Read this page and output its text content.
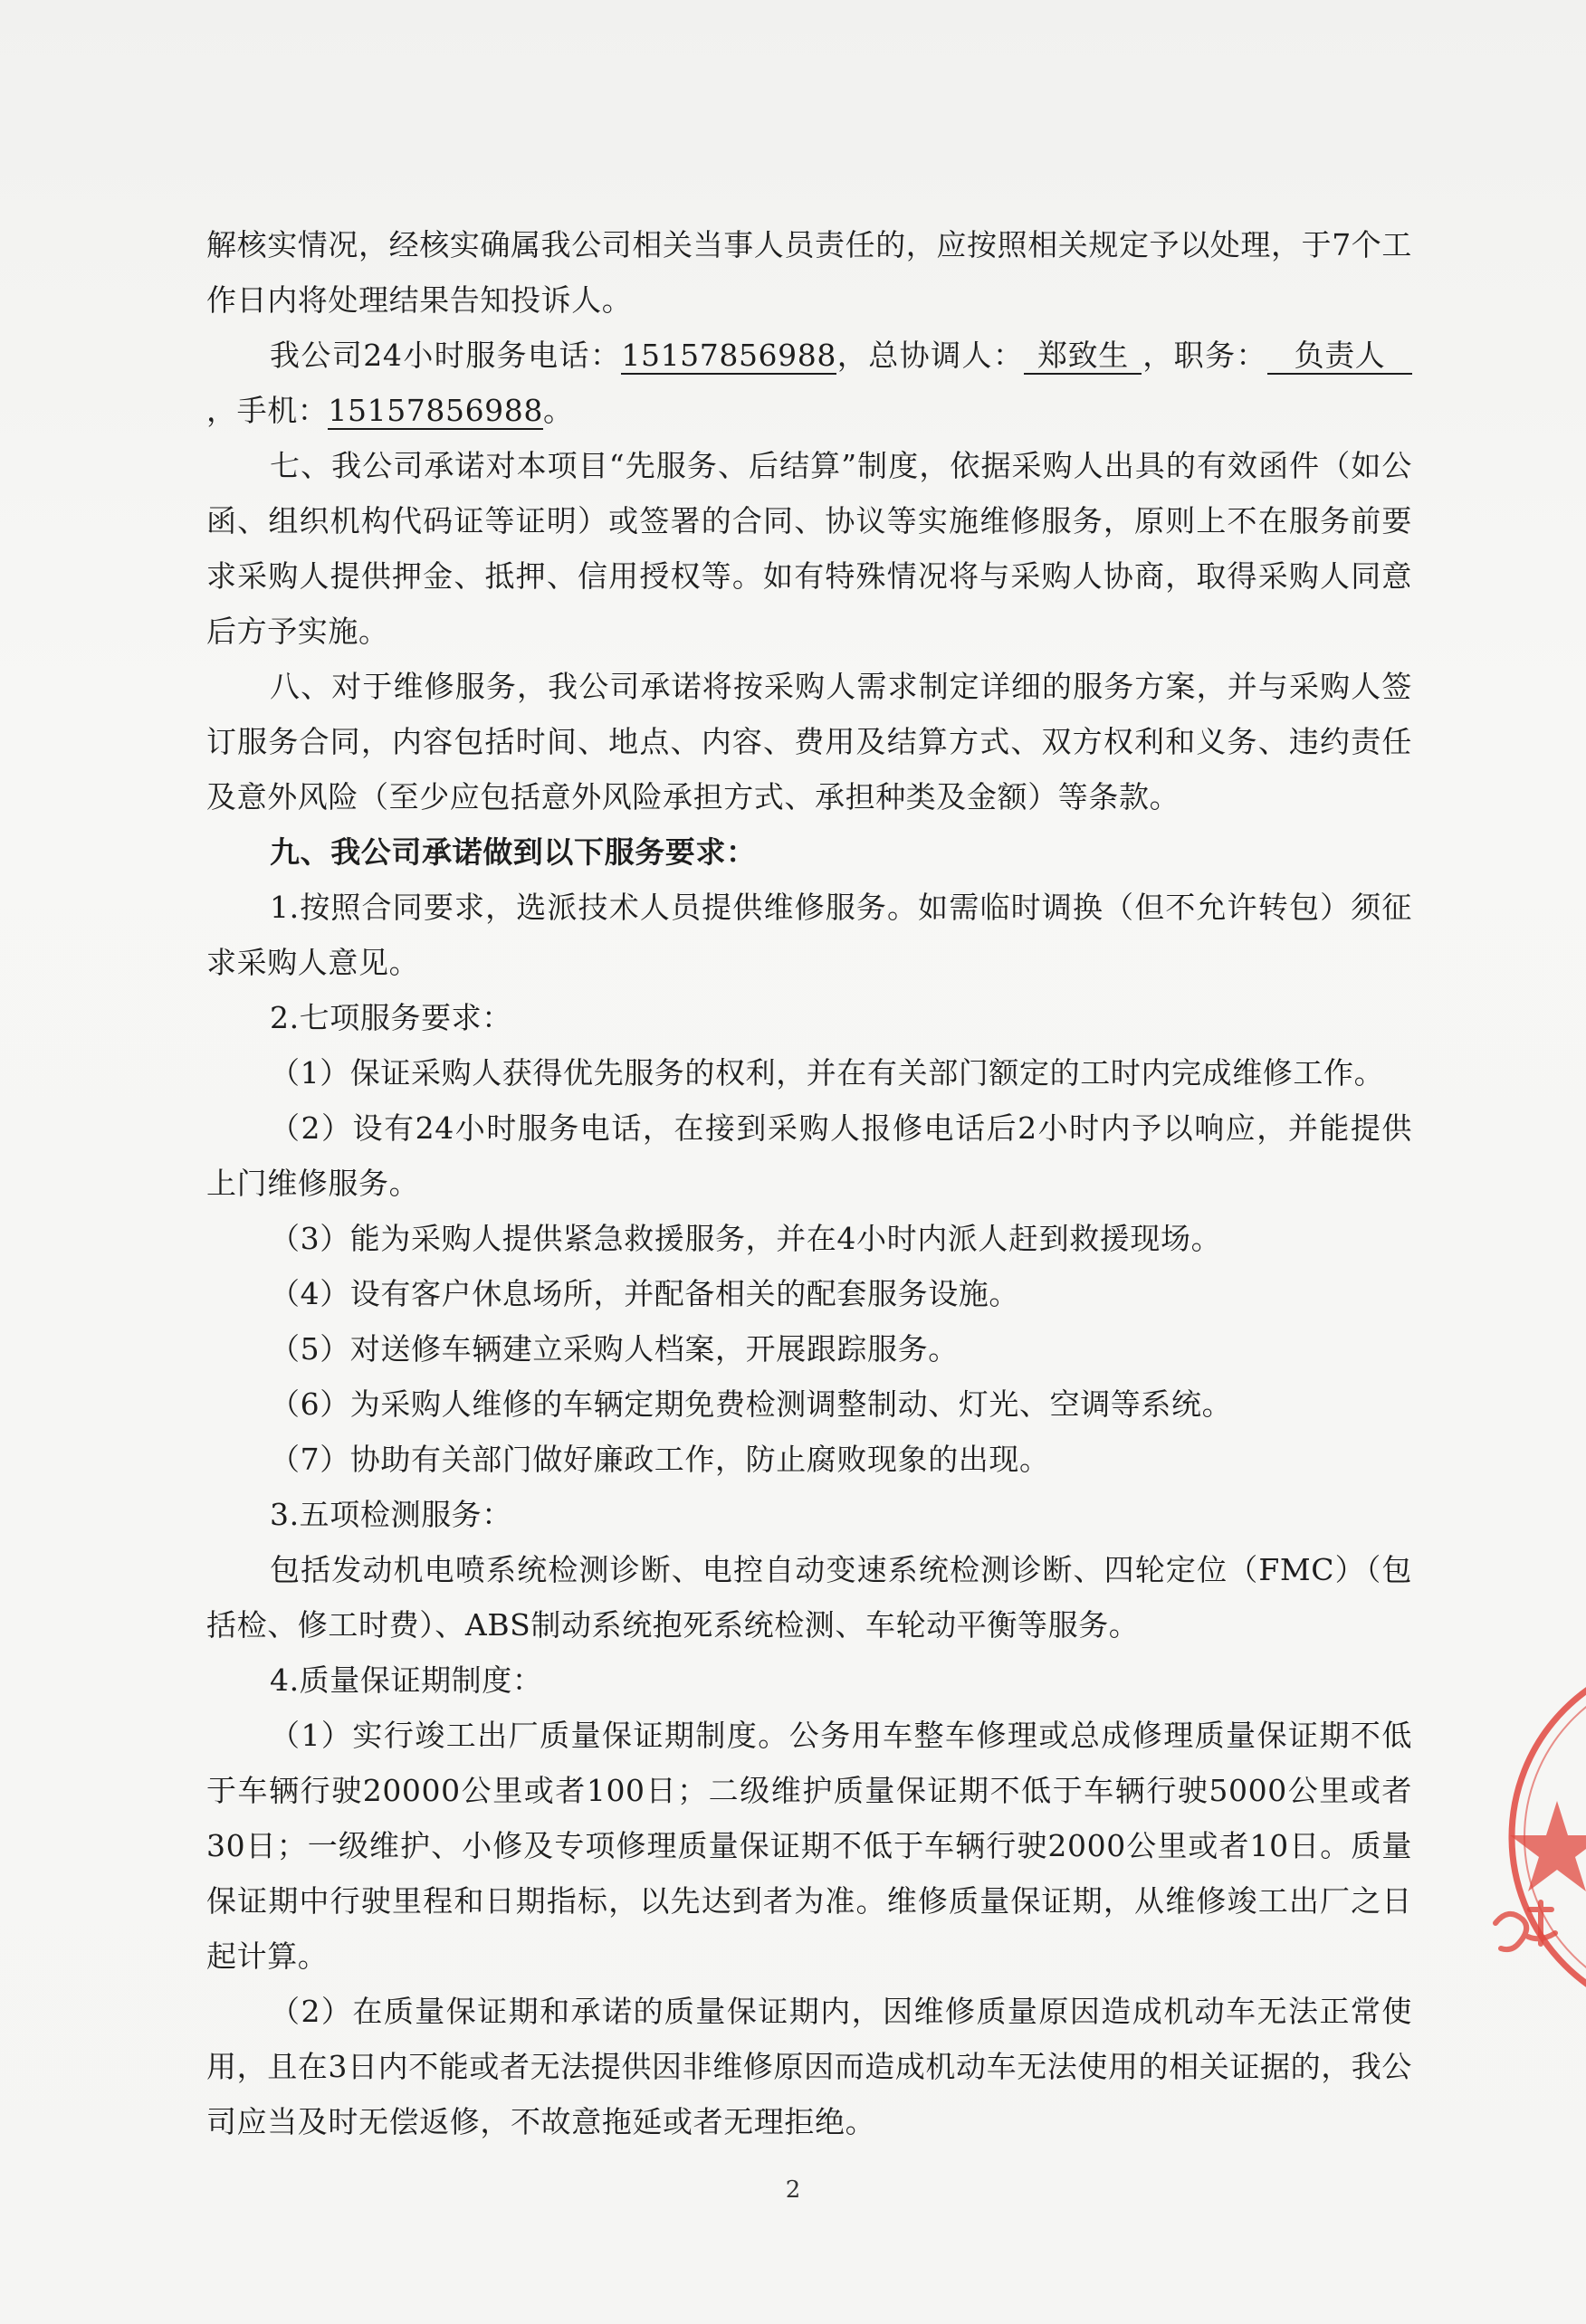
解核实情况，经核实确属我公司相关当事人员责任的，应按照相关规定予以处理，于7个工作日内将处理结果告知投诉人。

我公司24小时服务电话：15157856988，总协调人： 郑致生 ，职务： 负责人，手机：15157856988。

七、我公司承诺对本项目“先服务、后结算”制度，依据采购人出具的有效函件（如公函、组织机构代码证等证明）或签署的合同、协议等实施维修服务，原则上不在服务前要求采购人提供押金、抵押、信用授权等。如有特殊情况将与采购人协商，取得采购人同意后方予实施。

八、对于维修服务，我公司承诺将按采购人需求制定详细的服务方案，并与采购人签订服务合同，内容包括时间、地点、内容、费用及结算方式、双方权利和义务、违约责任及意外风险（至少应包括意外风险承担方式、承担种类及金额）等条款。

九、我公司承诺做到以下服务要求：

1.按照合同要求，选派技术人员提供维修服务。如需临时调换（但不允许转包）须征求采购人意见。

2.七项服务要求：

（1）保证采购人获得优先服务的权利，并在有关部门额定的工时内完成维修工作。

（2）设有24小时服务电话，在接到采购人报修电话后2小时内予以响应，并能提供上门维修服务。

（3）能为采购人提供紧急救援服务，并在4小时内派人赶到救援现场。

（4）设有客户休息场所，并配备相关的配套服务设施。

（5）对送修车辆建立采购人档案，开展跟踪服务。

（6）为采购人维修的车辆定期免费检测调整制动、灯光、空调等系统。

（7）协助有关部门做好廉政工作，防止腐败现象的出现。

3.五项检测服务：

包括发动机电喷系统检测诊断、电控自动变速系统检测诊断、四轮定位（FMC）（包括检、修工时费）、ABS制动系统抱死系统检测、车轮动平衡等服务。

4.质量保证期制度：

（1）实行竣工出厂质量保证期制度。公务用车整车修理或总成修理质量保证期不低于车辆行驶20000公里或者100日；二级维护质量保证期不低于车辆行驶5000公里或者30日；一级维护、小修及专项修理质量保证期不低于车辆行驶2000公里或者10日。质量保证期中行驶里程和日期指标，以先达到者为准。维修质量保证期，从维修竣工出厂之日起计算。

（2）在质量保证期和承诺的质量保证期内，因维修质量原因造成机动车无法正常使用，且在3日内不能或者无法提供因非维修原因而造成机动车无法使用的相关证据的，我公司应当及时无偿返修，不故意拖延或者无理拒绝。

2
